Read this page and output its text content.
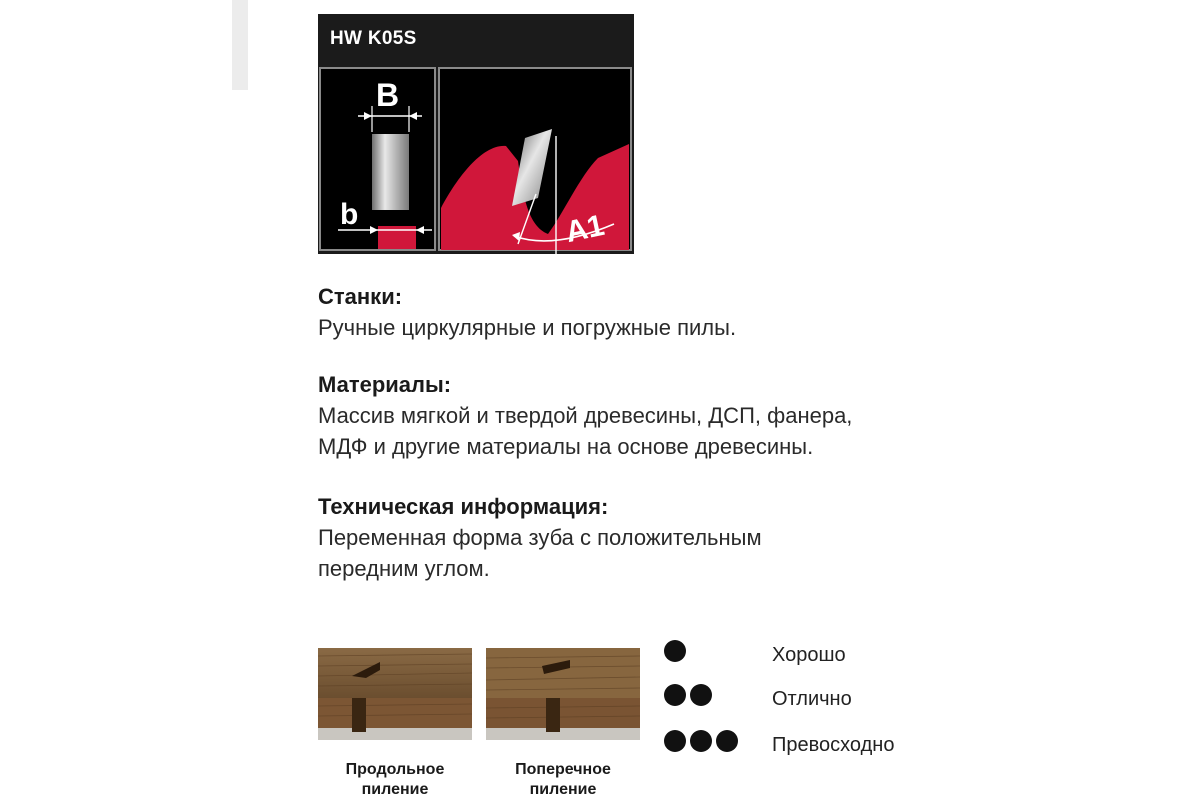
HW K05S
B
b	A1
Станки:
Ручные циркулярные и погружные пилы.
Материалы:
Массив мягкой и твердой древесины, ДСП, фанера,
МДФ и другие материалы на основе древесины.
Техническая информация:
Переменная форма зуба с положительным
передним углом.
Продольное
пиление
Поперечное
пиление
Хорошо
Отлично
Превосходно
